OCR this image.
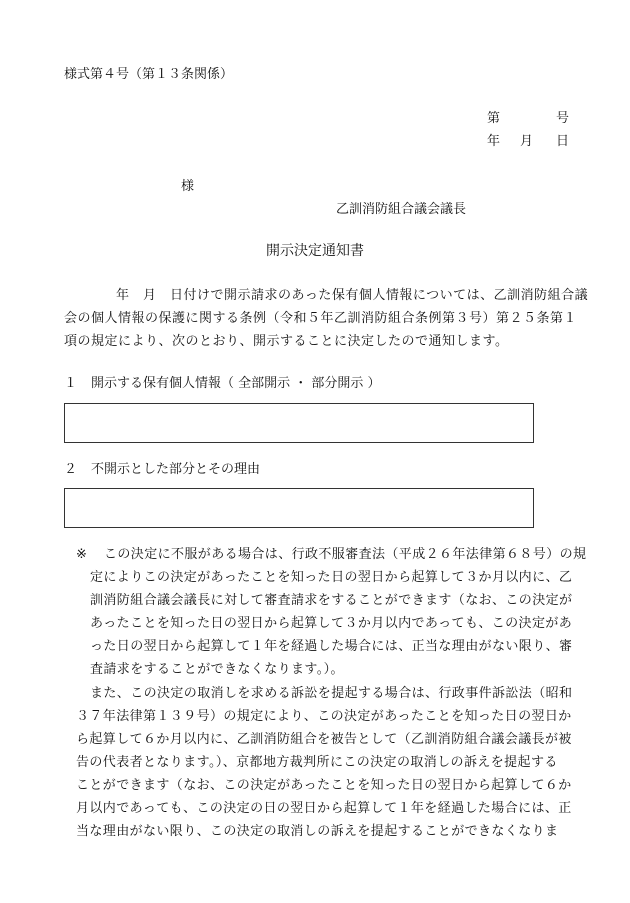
様式第４号（第１３条関係）
第	号
年 月 日
様
乙訓消防組合議会議長
開示決定通知書
年　月　日付けで開示請求のあった保有個人情報については、乙訓消防組合議
会の個人情報の保護に関する条例（令和５年乙訓消防組合条例第３号）第２５条第１
項の規定により、次のとおり、開示することに決定したので通知します。
１ 開示する保有個人情報（ 全部開示 ・ 部分開示 ）
２ 不開示とした部分とその理由
※ この決定に不服がある場合は、行政不服審査法（平成２６年法律第６８号）の規
定によりこの決定があったことを知った日の翌日から起算して３か月以内に、乙
訓消防組合議会議長に対して審査請求をすることができます（なお、この決定が
あったことを知った日の翌日から起算して３か月以内であっても、この決定があ
った日の翌日から起算して１年を経過した場合には、正当な理由がない限り、審
査請求をすることができなくなります。）。
また、この決定の取消しを求める訴訟を提起する場合は、行政事件訴訟法（昭和
３７年法律第１３９号）の規定により、この決定があったことを知った日の翌日か
ら起算して６か月以内に、乙訓消防組合を被告として（乙訓消防組合議会議長が被
告の代表者となります。）、京都地方裁判所にこの決定の取消しの訴えを提起する
ことができます（なお、この決定があったことを知った日の翌日から起算して６か
月以内であっても、この決定の日の翌日から起算して１年を経過した場合には、正
当な理由がない限り、この決定の取消しの訴えを提起することができなくなりま
